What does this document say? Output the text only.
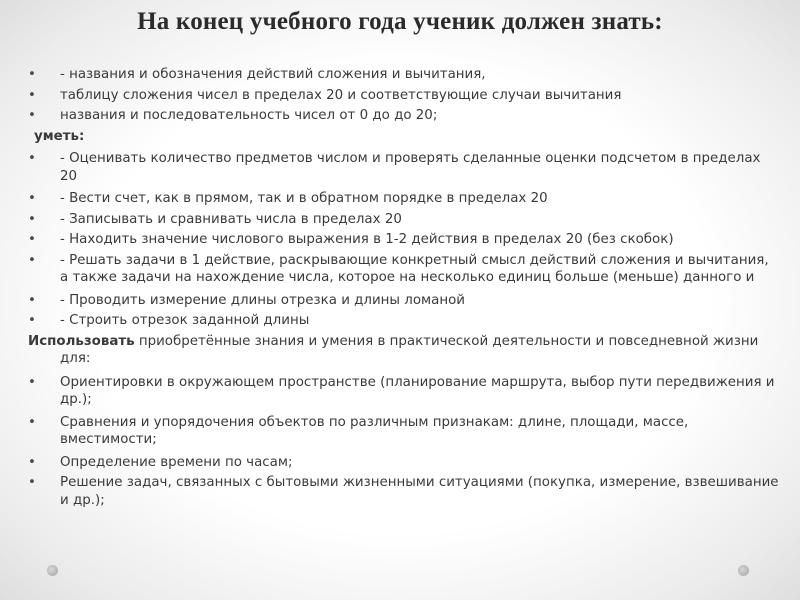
На конец учебного года ученик должен знать:
• - названия и обозначения действий сложения и вычитания,
• таблицу сложения чисел в пределах 20 и соответствующие случаи вычитания
• названия и последовательность чисел от 0 до до 20;
уметь:
• - Оценивать количество предметов числом и проверять сделанные оценки подсчетом в пределах 20
• - Вести счет, как в прямом, так и в обратном порядке в пределах 20
• - Записывать и сравнивать числа в пределах 20
• - Находить значение числового выражения в 1-2 действия в пределах 20 (без скобок)
• - Решать задачи в 1 действие, раскрывающие конкретный смысл действий сложения и вычитания, а также задачи на нахождение числа, которое на несколько единиц больше (меньше) данного и
• - Проводить измерение длины отрезка и длины ломаной
• - Строить отрезок заданной длины
Использовать приобретённые знания и умения в практической деятельности и повседневной жизни для:
• Ориентировки в окружающем пространстве (планирование маршрута, выбор пути передвижения и др.);
• Сравнения и упорядочения объектов по различным признакам: длине, площади, массе, вместимости;
• Определение времени по часам;
• Решение задач, связанных с бытовыми жизненными ситуациями (покупка, измерение, взвешивание и др.);
